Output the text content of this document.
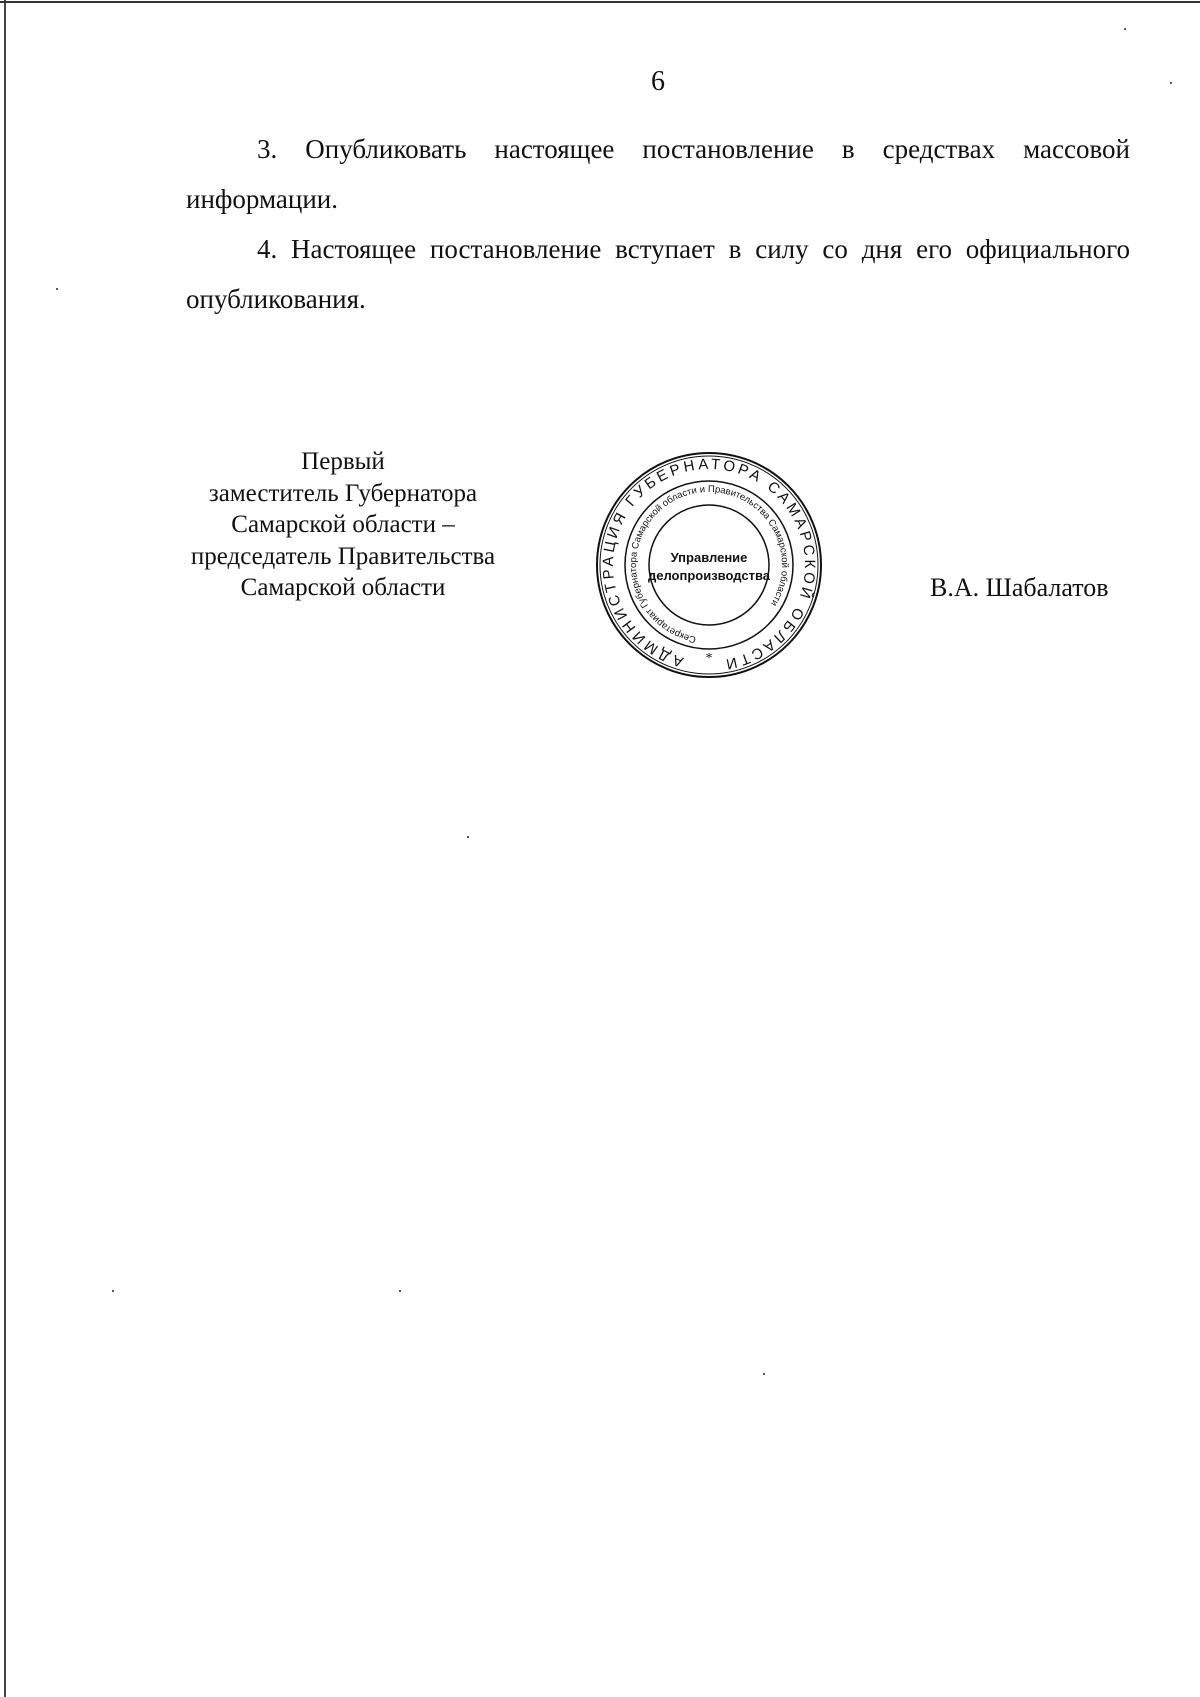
6
3. Опубликовать настоящее постановление в средствах массовой информации.
4. Настоящее постановление вступает в силу со дня его официального опубликования.
Первый
заместитель Губернатора
Самарской области –
председатель Правительства
Самарской области
АДМИНИСТРАЦИЯ ГУБЕРНАТОРА САМАРСКОЙ ОБЛАСТИ
Секретариат Губернатора Самарской области и Правительства Самарской области
*
Управление
делопроизводства	В.А. Шабалатов
